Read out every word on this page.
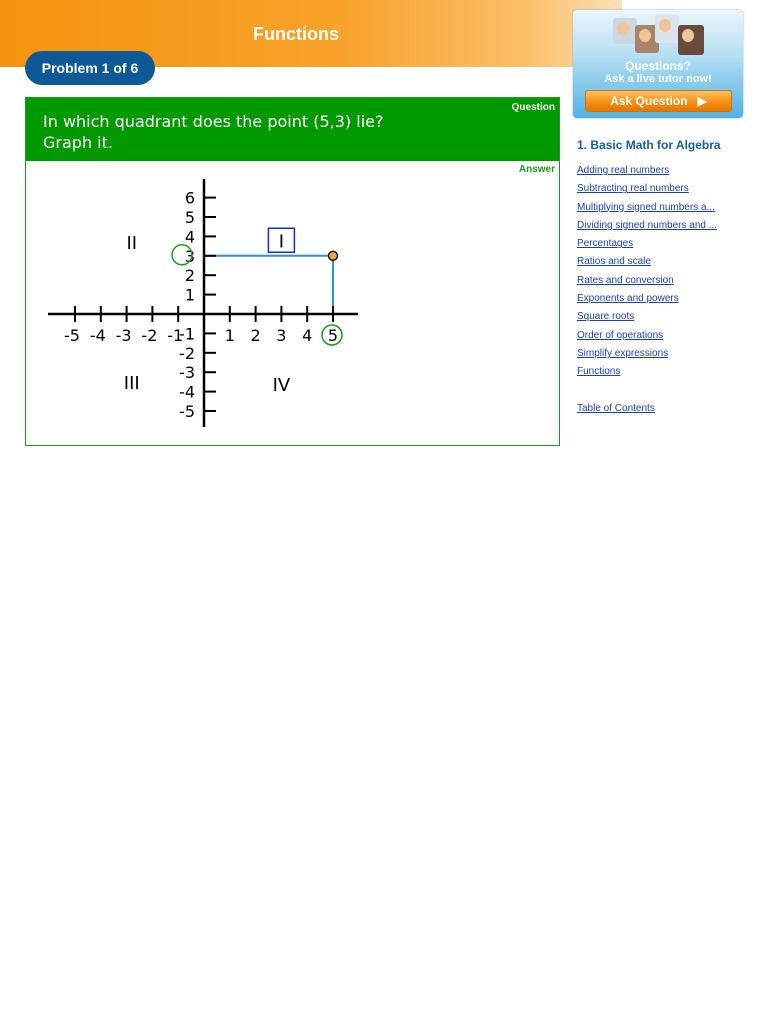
Functions
Problem 1 of 6
In which quadrant does the point (5,3) lie?
Graph it.
Question
Answer
-5 -4 -3 -2 -1	1 2 3 4 5
6
5
4
3
2
1
-1
-2
-3
-4
-5
II
III	IV
I
Questions?
Ask a live tutor now!
Ask Question ▶
1. Basic Math for Algebra
Adding real numbers
Subtracting real numbers
Multiplying signed numbers a...
Dividing signed numbers and ...
Percentages
Ratios and scale
Rates and conversion
Exponents and powers
Square roots
Order of operations
Simplify expressions
Functions
Table of Contents
